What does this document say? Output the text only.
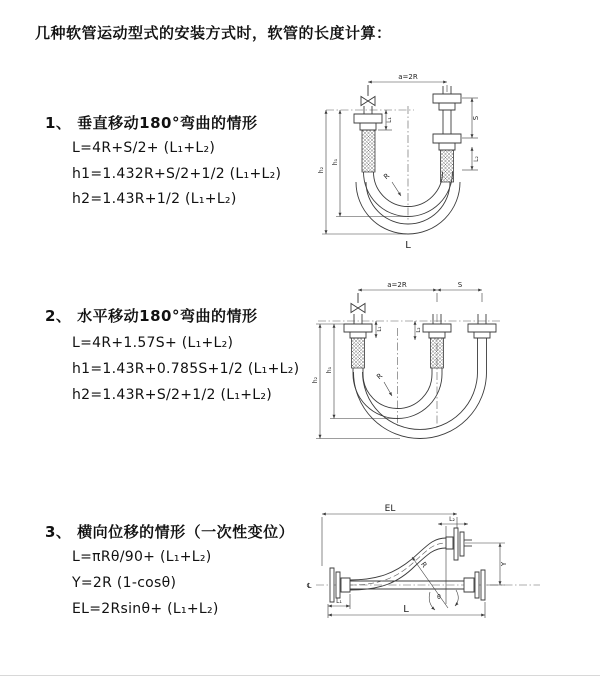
几种软管运动型式的安装方式时，软管的长度计算：
1、 垂直移动180°弯曲的情形
L=4R+S/2+ (L₁+L₂)
h1=1.432R+S/2+1/2 (L₁+L₂)
h2=1.43R+1/2 (L₁+L₂)
2、 水平移动180°弯曲的情形
L=4R+1.57S+ (L₁+L₂)
h1=1.43R+0.785S+1/2 (L₁+L₂)
h2=1.43R+S/2+1/2 (L₁+L₂)
3、 横向位移的情形（一次性变位）
L=πRθ/90+ (L₁+L₂)
Y=2R (1-cosθ)
EL=2Rsinθ+ (L₁+L₂)
a=2R
L₁	S
L₂
h₁
h₂
R
L
a=2R	S
L₁	L₂
h₁
h₂	R
℄
EL
L₂
θ
R	Y
L₁
L
